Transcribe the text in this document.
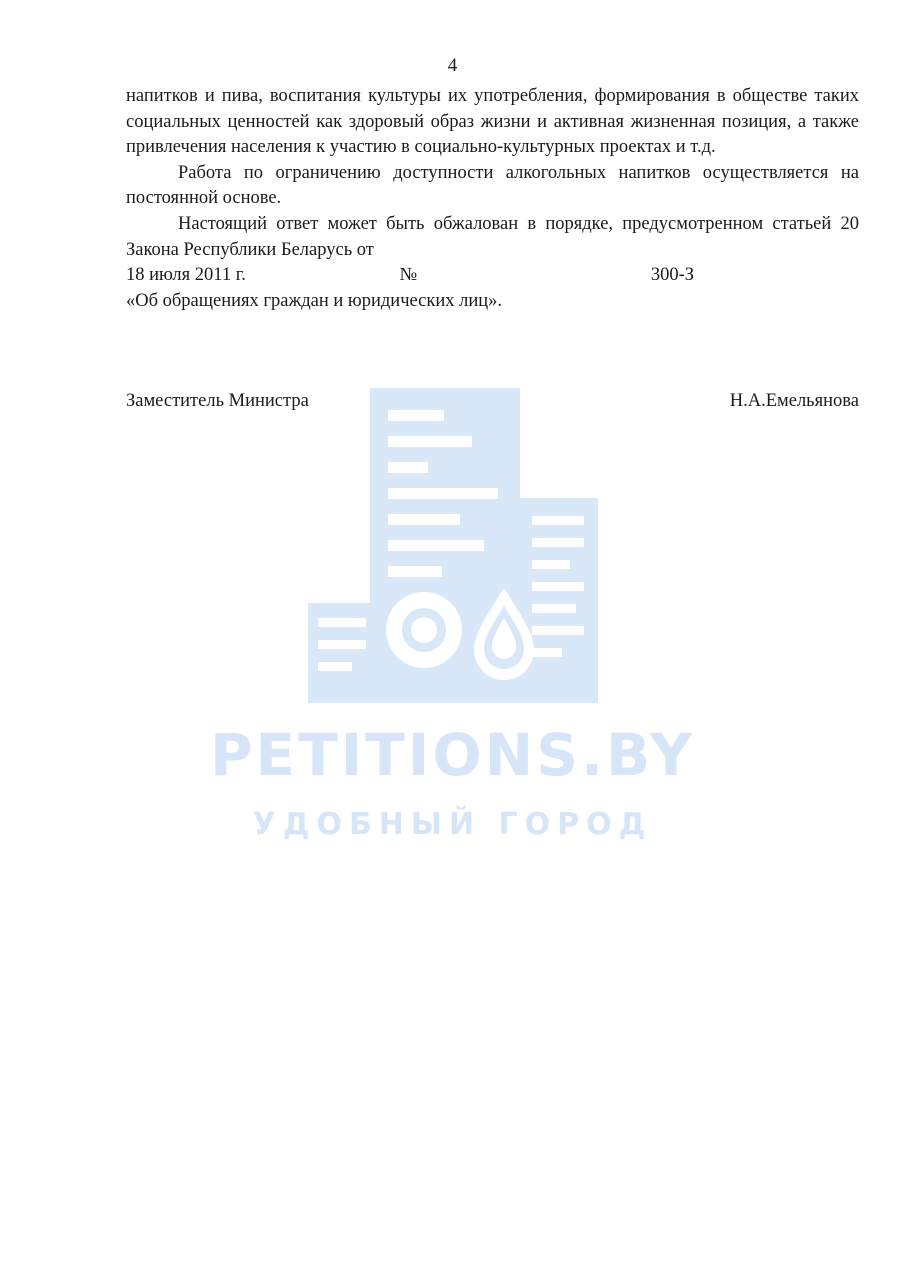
4

напитков и пива, воспитания культуры их употребления, формирования в обществе таких социальных ценностей как здоровый образ жизни и активная жизненная позиция, а также привлечения населения к участию в социально-культурных проектах и т.д.

Работа по ограничению доступности алкогольных напитков осуществляется на постоянной основе.

Настоящий ответ может быть обжалован в порядке, предусмотренном статьей 20 Закона Республики Беларусь от

18 июля 2011 г.	№	300-З

«Об обращениях граждан и юридических лиц».

Заместитель Министра	Н.А.Емельянова
PETITIONS.BY
УДОБНЫЙ ГОРОД
